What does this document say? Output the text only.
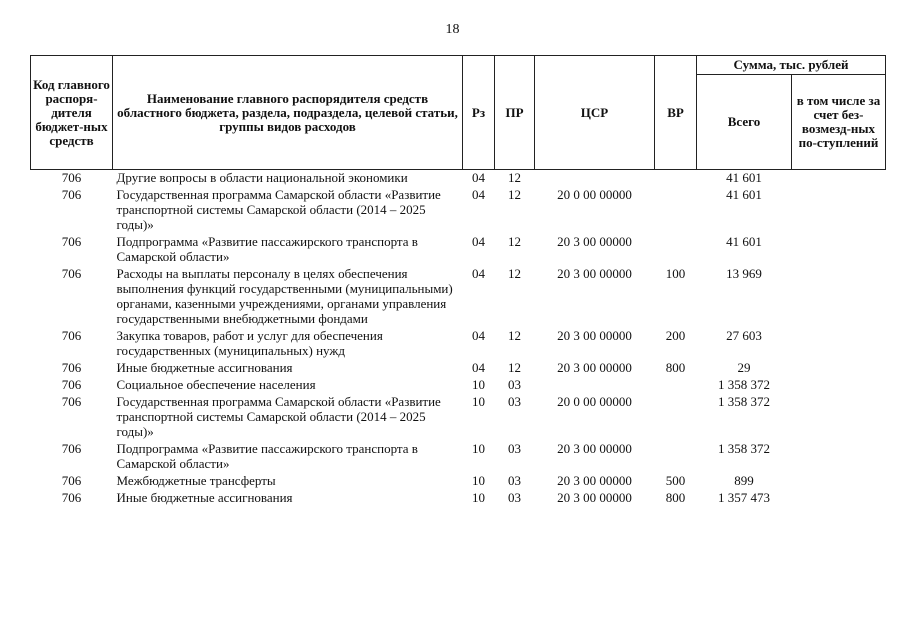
18
Код главного распоря-дителя бюджет-ных средств	Наименование главного распорядителя средств областного бюджета, раздела, подраздела, целевой статьи, группы видов расходов	Рз	ПР	ЦСР	ВР	Сумма, тыс. рублей	
						Всего	в том числе за счет без-возмезд-ных по-ступлений
706	Другие вопросы в области национальной экономики	04	12			41 601	
706	Государственная программа Самарской области «Развитие транспортной системы Самарской области (2014 – 2025 годы)»	04	12	20 0 00 00000		41 601	
706	Подпрограмма «Развитие пассажирского транспорта в Самарской области»	04	12	20 3 00 00000		41 601	
706	Расходы на выплаты персоналу в целях обеспечения выполнения функций государственными (муниципальными) органами, казенными учреждениями, органами управления государственными внебюджетными фондами	04	12	20 3 00 00000	100	13 969	
706	Закупка товаров, работ и услуг для обеспечения государственных (муниципальных) нужд	04	12	20 3 00 00000	200	27 603	
706	Иные бюджетные ассигнования	04	12	20 3 00 00000	800	29	
706	Социальное обеспечение населения	10	03			1 358 372	
706	Государственная программа Самарской области «Развитие транспортной системы Самарской области (2014 – 2025 годы)»	10	03	20 0 00 00000		1 358 372	
706	Подпрограмма «Развитие пассажирского транспорта в Самарской области»	10	03	20 3 00 00000		1 358 372	
706	Межбюджетные трансферты	10	03	20 3 00 00000	500	899	
706	Иные бюджетные ассигнования	10	03	20 3 00 00000	800	1 357 473	
